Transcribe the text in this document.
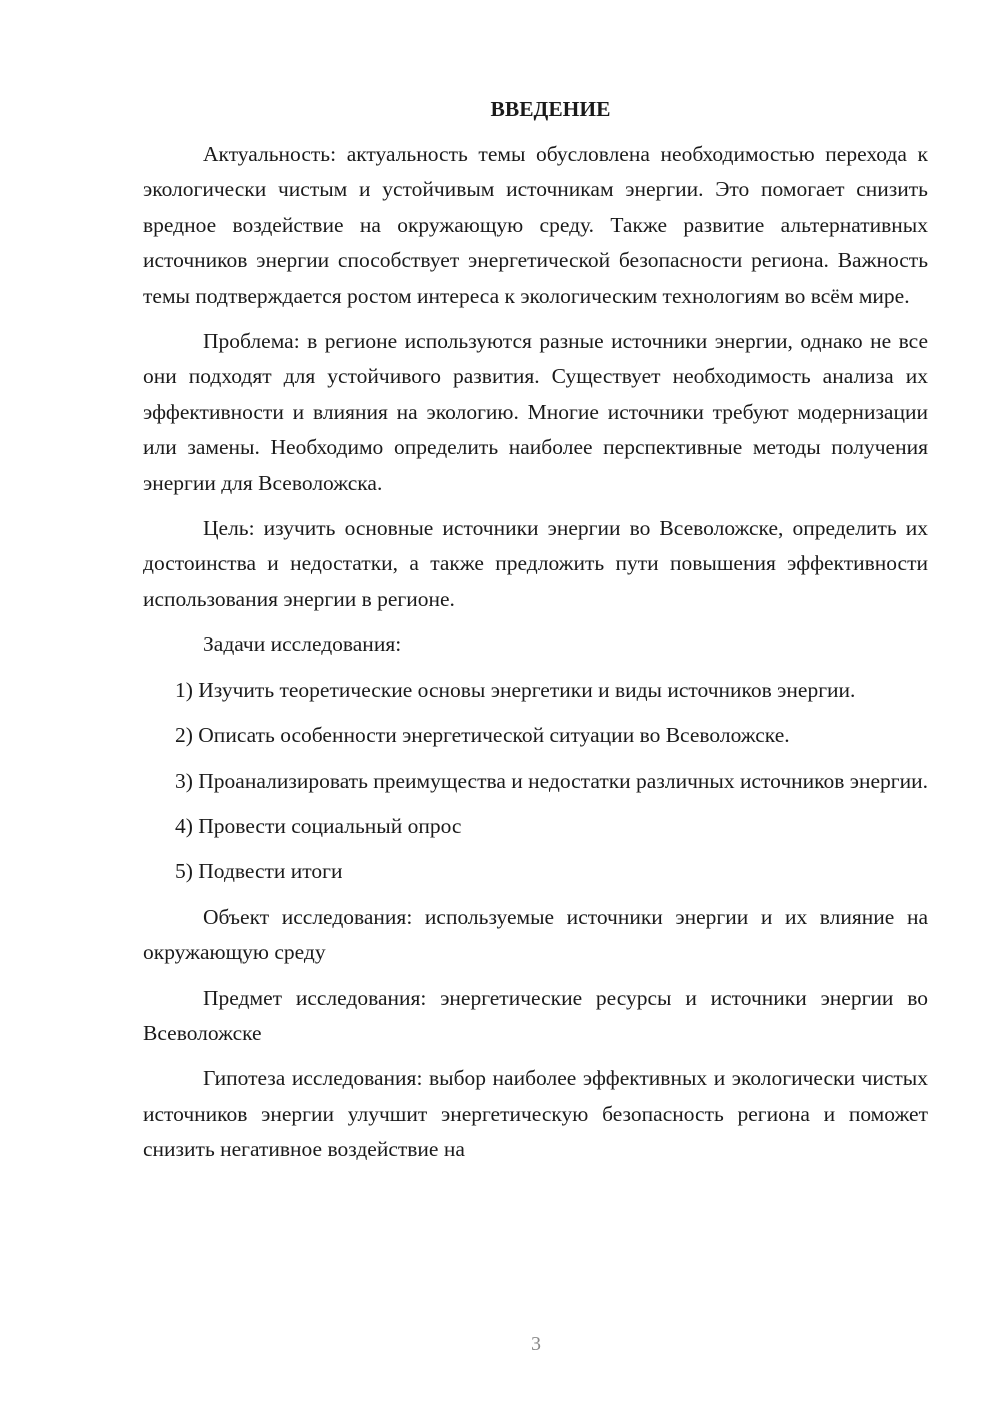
ВВЕДЕНИЕ

Актуальность: актуальность темы обусловлена необходимостью перехода к экологически чистым и устойчивым источникам энергии. Это помогает снизить вредное воздействие на окружающую среду. Также развитие альтернативных источников энергии способствует энергетической безопасности региона. Важность темы подтверждается ростом интереса к экологическим технологиям во всём мире.

Проблема: в регионе используются разные источники энергии, однако не все они подходят для устойчивого развития. Существует необходимость анализа их эффективности и влияния на экологию. Многие источники требуют модернизации или замены. Необходимо определить наиболее перспективные методы получения энергии для Всеволожска.

Цель: изучить основные источники энергии во Всеволожске, определить их достоинства и недостатки, а также предложить пути повышения эффективности использования энергии в регионе.

Задачи исследования:

1) Изучить теоретические основы энергетики и виды источников энергии.

2) Описать особенности энергетической ситуации во Всеволожске.

3) Проанализировать преимущества и недостатки различных источников энергии.

4) Провести социальный опрос

5) Подвести итоги

Объект исследования: используемые источники энергии и их влияние на окружающую среду

Предмет исследования: энергетические ресурсы и источники энергии во Всеволожске

Гипотеза исследования: выбор наиболее эффективных и экологически чистых источников энергии улучшит энергетическую безопасность региона и поможет снизить негативное воздействие на

3
